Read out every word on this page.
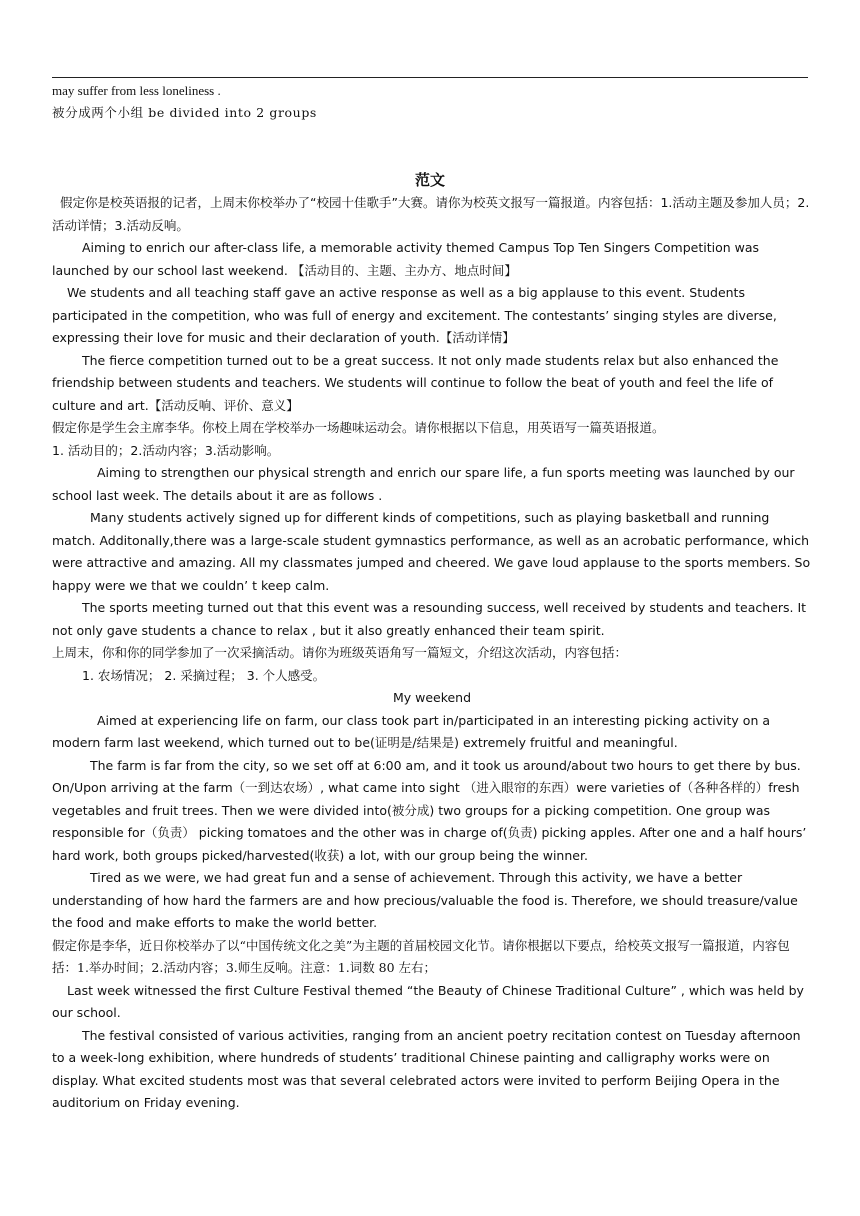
may suffer from less loneliness .
被分成两个小组 be divided into 2 groups
范文

假定你是校英语报的记者，上周末你校举办了“校园十佳歌手”大赛。请你为校英文报写一篇报道。内容包括：1.活动主题及参加人员；2.活动详情；3.活动反响。

Aiming to enrich our after-class life, a memorable activity themed Campus Top Ten Singers Competition was launched by our school last weekend. 【活动目的、主题、主办方、地点时间】

We students and all teaching staff gave an active response as well as a big applause to this event. Students participated in the competition, who was full of energy and excitement. The contestants’ singing styles are diverse, expressing their love for music and their declaration of youth.【活动详情】

The fierce competition turned out to be a great success. It not only made students relax but also enhanced the friendship between students and teachers. We students will continue to follow the beat of youth and feel the life of culture and art.【活动反响、评价、意义】

假定你是学生会主席李华。你校上周在学校举办一场趣味运动会。请你根据以下信息，用英语写一篇英语报道。

1. 活动目的；2.活动内容；3.活动影响。

Aiming to strengthen our physical strength and enrich our spare life, a fun sports meeting was launched by our school last week. The details about it are as follows .

Many students actively signed up for different kinds of competitions, such as playing basketball and running match. Additonally,there was a large-scale student gymnastics performance, as well as an acrobatic performance, which were attractive and amazing. All my classmates jumped and cheered. We gave loud applause to the sports members. So happy were we that we couldn’ t keep calm.

The sports meeting turned out that this event was a resounding success, well received by students and teachers. It not only gave students a chance to relax , but it also greatly enhanced their team spirit.

上周末，你和你的同学参加了一次采摘活动。请你为班级英语角写一篇短文，介绍这次活动，内容包括：

1. 农场情况； 2. 采摘过程； 3. 个人感受。

My weekend

Aimed at experiencing life on farm, our class took part in/participated in an interesting picking activity on a modern farm last weekend, which turned out to be(证明是/结果是) extremely fruitful and meaningful.

The farm is far from the city, so we set off at 6:00 am, and it took us around/about two hours to get there by bus. On/Upon arriving at the farm（一到达农场）, what came into sight （进入眼帘的东西）were varieties of（各种各样的）fresh vegetables and fruit trees. Then we were divided into(被分成) two groups for a picking competition. One group was responsible for（负责） picking tomatoes and the other was in charge of(负责) picking apples. After one and a half hours’ hard work, both groups picked/harvested(收获) a lot, with our group being the winner.

Tired as we were, we had great fun and a sense of achievement. Through this activity, we have a better understanding of how hard the farmers are and how precious/valuable the food is. Therefore, we should treasure/value the food and make efforts to make the world better.

假定你是李华，近日你校举办了以“中国传统文化之美”为主题的首届校园文化节。请你根据以下要点，给校英文报写一篇报道，内容包括：1.举办时间；2.活动内容；3.师生反响。注意：1.词数 80 左右；

Last week witnessed the first Culture Festival themed “the Beauty of Chinese Traditional Culture” , which was held by our school.

The festival consisted of various activities, ranging from an ancient poetry recitation contest on Tuesday afternoon to a week-long exhibition, where hundreds of students’ traditional Chinese painting and calligraphy works were on display. What excited students most was that several celebrated actors were invited to perform Beijing Opera in the auditorium on Friday evening.
